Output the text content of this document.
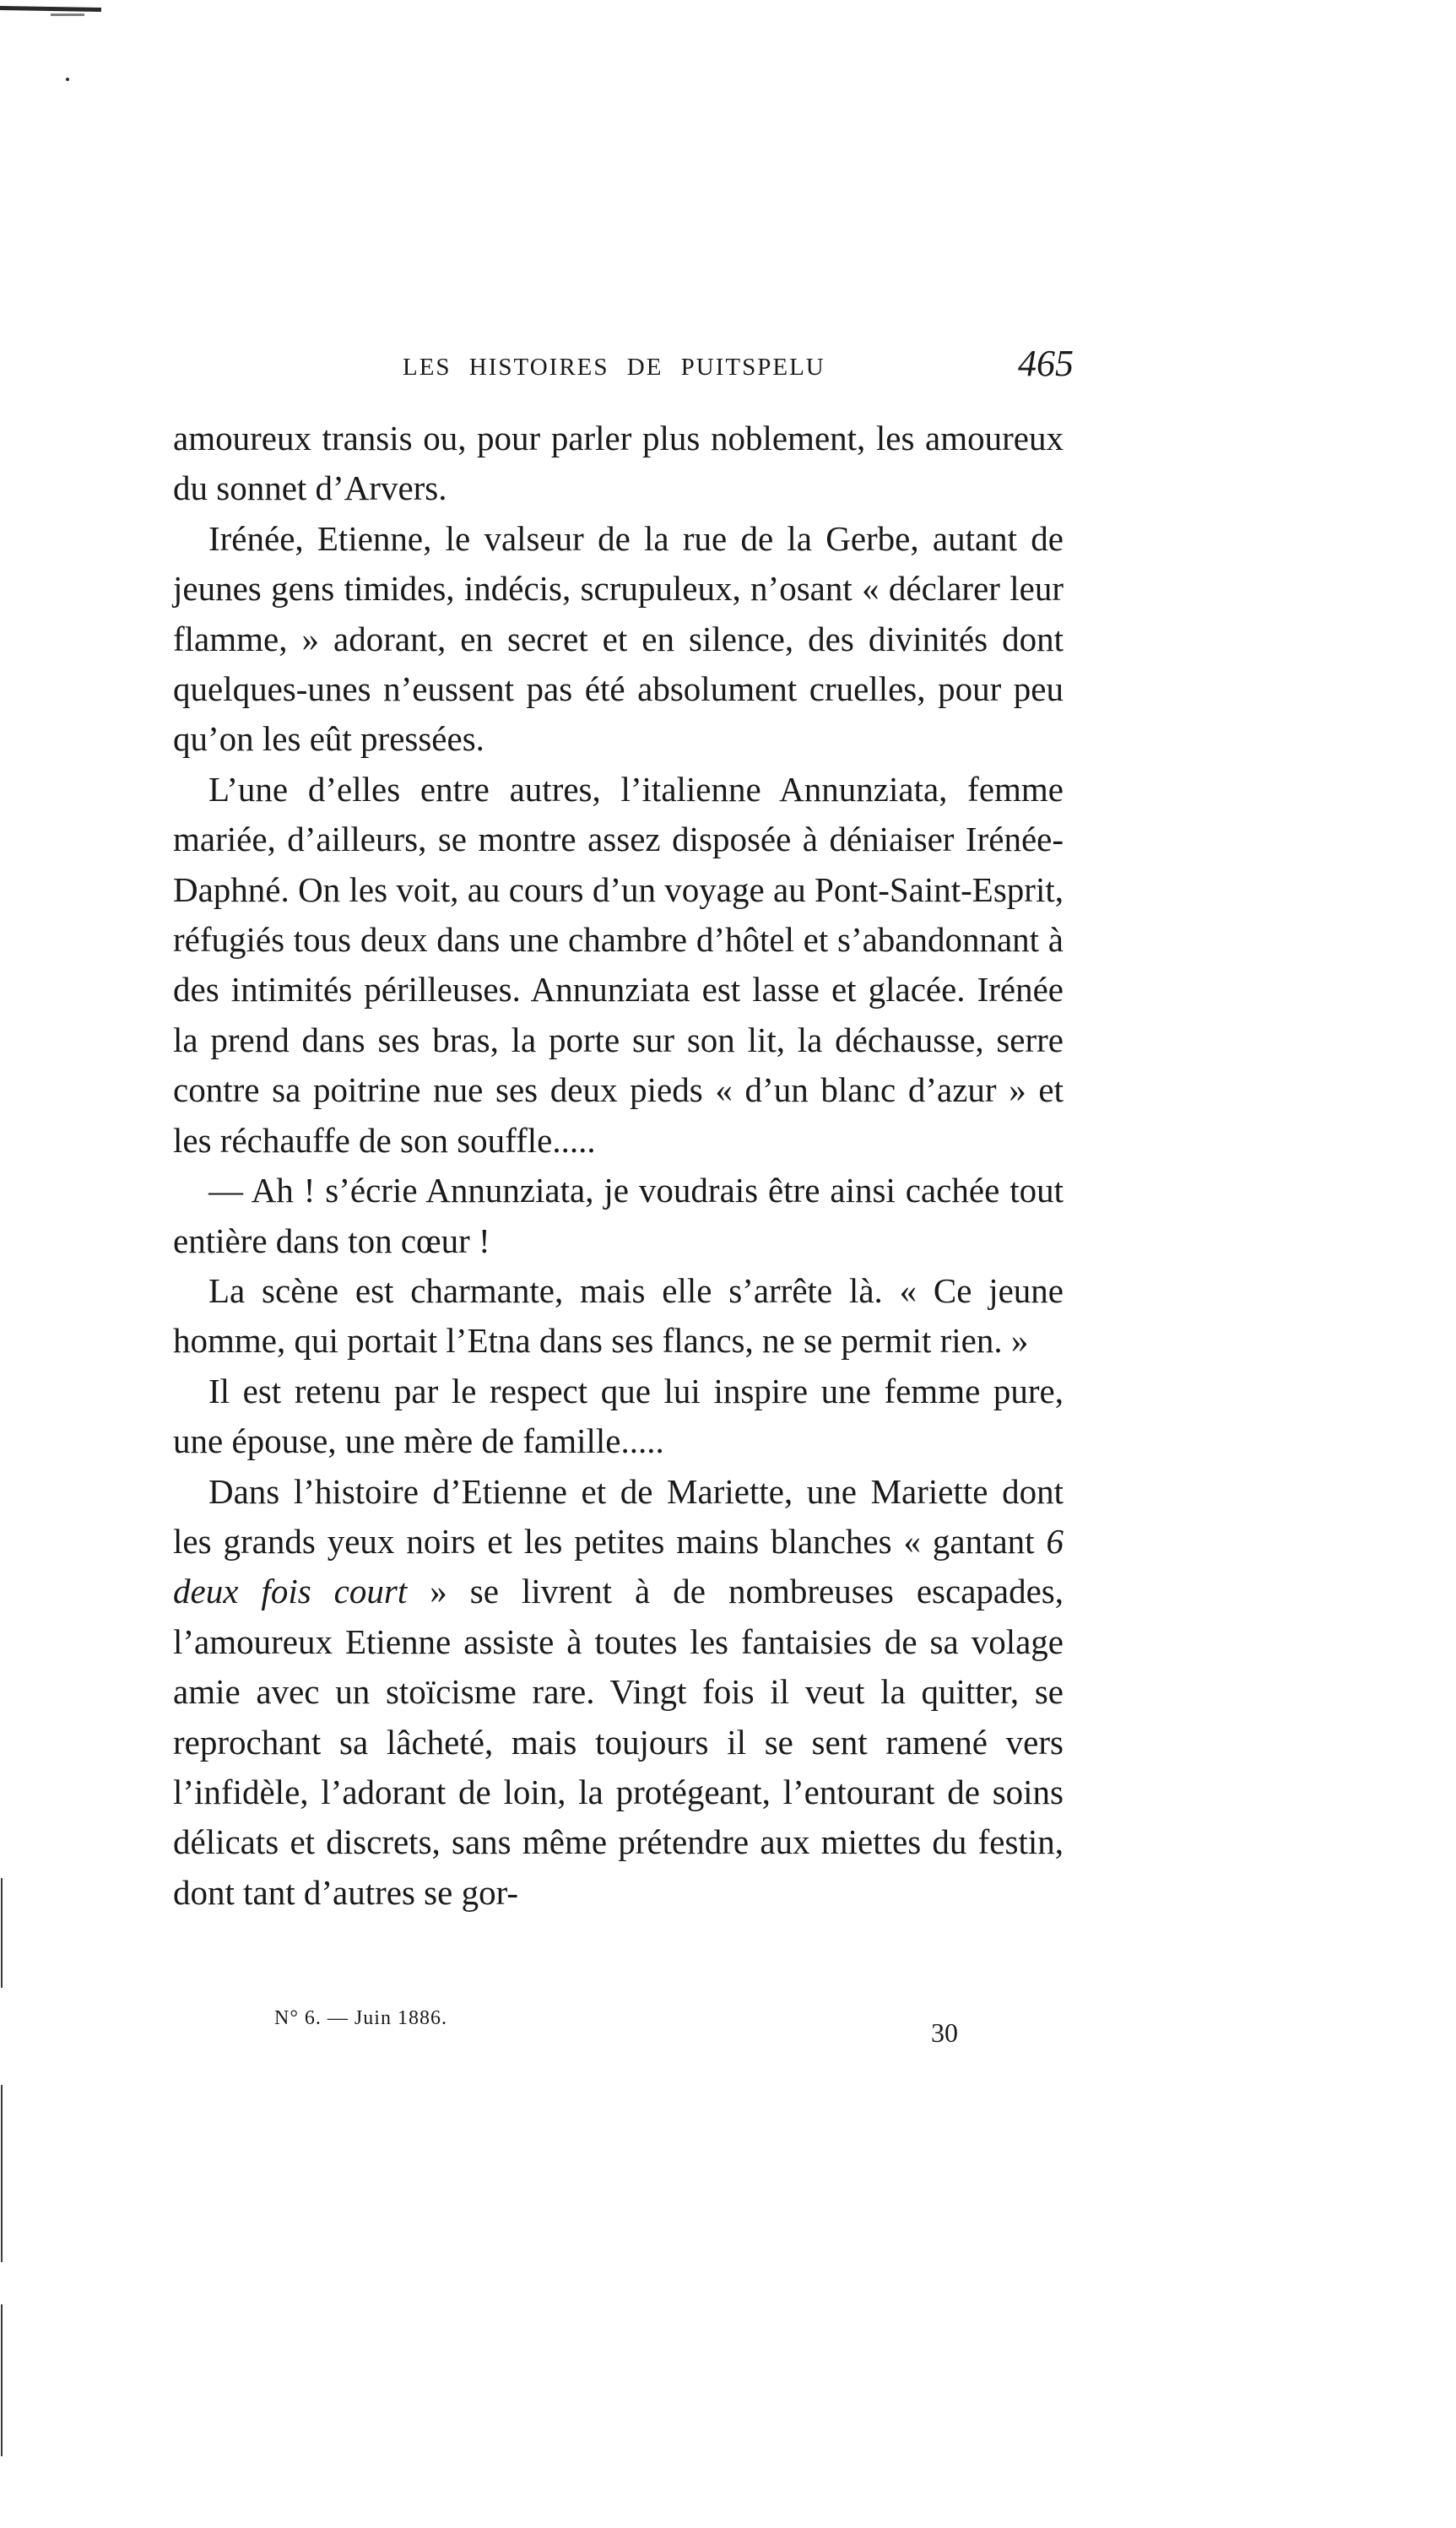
LES HISTOIRES DE PUITSPELU	465

amoureux transis ou, pour parler plus noblement, les amoureux du sonnet d’Arvers.

Irénée, Etienne, le valseur de la rue de la Gerbe, autant de jeunes gens timides, indécis, scrupuleux, n’osant « déclarer leur flamme, » adorant, en secret et en silence, des divinités dont quelques-unes n’eussent pas été absolument cruelles, pour peu qu’on les eût pressées.

L’une d’elles entre autres, l’italienne Annunziata, femme mariée, d’ailleurs, se montre assez disposée à déniaiser Irénée-Daphné. On les voit, au cours d’un voyage au Pont-Saint-Esprit, réfugiés tous deux dans une chambre d’hôtel et s’abandonnant à des intimités périlleuses. Annunziata est lasse et glacée. Irénée la prend dans ses bras, la porte sur son lit, la déchausse, serre contre sa poitrine nue ses deux pieds « d’un blanc d’azur » et les réchauffe de son souffle.....

— Ah ! s’écrie Annunziata, je voudrais être ainsi cachée tout entière dans ton cœur !

La scène est charmante, mais elle s’arrête là. « Ce jeune homme, qui portait l’Etna dans ses flancs, ne se permit rien. »

Il est retenu par le respect que lui inspire une femme pure, une épouse, une mère de famille.....

Dans l’histoire d’Etienne et de Mariette, une Mariette dont les grands yeux noirs et les petites mains blanches « gantant 6 deux fois court » se livrent à de nombreuses escapades, l’amoureux Etienne assiste à toutes les fantaisies de sa volage amie avec un stoïcisme rare. Vingt fois il veut la quitter, se reprochant sa lâcheté, mais toujours il se sent ramené vers l’infidèle, l’adorant de loin, la protégeant, l’entourant de soins délicats et discrets, sans même prétendre aux miettes du festin, dont tant d’autres se gor-

N° 6. — Juin 1886.	30
